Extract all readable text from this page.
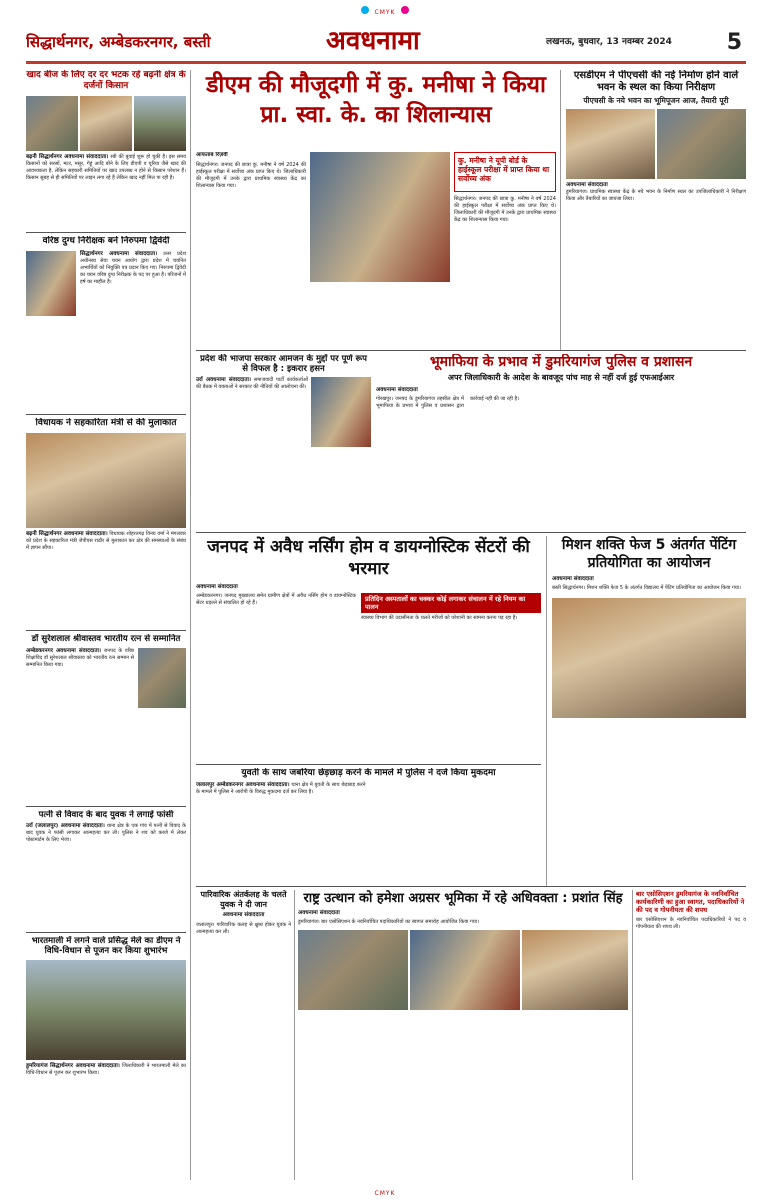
CMYK
सिद्धार्थनगर, अम्बेडकरनगर, बस्ती	अवधनामा	लखनऊ, बुधवार, 13 नवम्बर 2024 5
खाद बीज के लिए दर दर भटक रहे बढ़नी क्षेत्र के दर्जनों किसान
बढ़नी सिद्धार्थनगर अवधनामा संवाददाता। रबी की बुवाई शुरू हो चुकी है। इस समय किसानों को सरसों, मटर, मसूर, गेहूं आदि बोने के लिए डीएपी व यूरिया जैसे खाद की आवश्यकता है, लेकिन सहकारी समितियों पर खाद उपलब्ध न होने से किसान परेशान हैं। किसान सुबह से ही समितियों पर लाइन लगा रहे हैं लेकिन खाद नहीं मिल पा रही है।
वरिष्ठ दुग्ध निरीक्षक बने निरुपमा द्विवेदी
सिद्धार्थनगर अवधनामा संवाददाता। उत्तर प्रदेश अधीनस्थ सेवा चयन आयोग द्वारा प्रदेश में चयनित अभ्यर्थियों को नियुक्ति पत्र प्रदान किए गए। निरुपमा द्विवेदी का चयन वरिष्ठ दुग्ध निरीक्षक के पद पर हुआ है। परिजनों में हर्ष का माहौल है।
विधायक ने सहकारिता मंत्री से की मुलाकात
बढ़नी सिद्धार्थनगर अवधनामा संवाददाता। विधायक शोहरतगढ़ विनय वर्मा ने मंगलवार को प्रदेश के सहकारिता मंत्री जेपीएस राठौर से मुलाकात कर क्षेत्र की समस्याओं के संबंध में ज्ञापन सौंपा।
डॉ सुरेशलाल श्रीवास्तव भारतीय रत्न से सम्मानित
अम्बेडकरनगर अवधनामा संवाददाता। जनपद के वरिष्ठ शिक्षाविद डॉ सुरेशलाल श्रीवास्तव को भारतीय रत्न सम्मान से सम्मानित किया गया।
पत्नी से विवाद के बाद युवक ने लगाई फांसी
उर्रा (जलालपुर) अवधनामा संवाददाता। थाना क्षेत्र के एक गांव में पत्नी से विवाद के बाद युवक ने फांसी लगाकर आत्महत्या कर ली। पुलिस ने शव को कब्जे में लेकर पोस्टमार्टम के लिए भेजा।
भारतमाली में लगने वाले प्रसिद्ध मेले का डीएम ने विधि-विधान से पूजन कर किया शुभारंभ
डुमरियागंज सिद्धार्थनगर अवधनामा संवाददाता। जिलाधिकारी ने भारतमाली मेले का विधि-विधान से पूजन कर शुभारंभ किया।
डीएम की मौजूदगी में कु. मनीषा ने किया प्रा. स्वा. के. का शिलान्यास
आफताब रिज़वी
सिद्धार्थनगर। जनपद की छात्रा कु. मनीषा ने वर्ष 2024 की हाईस्कूल परीक्षा में सर्वोच्च अंक प्राप्त किए थे। जिलाधिकारी की मौजूदगी में उनके द्वारा प्राथमिक स्वास्थ्य केंद्र का शिलान्यास किया गया।
कु. मनीषा ने यूपी बोर्ड के हाईस्कूल परीक्षा में प्राप्त किया था सर्वोच्च अंक
सिद्धार्थनगर। जनपद की छात्रा कु. मनीषा ने वर्ष 2024 की हाईस्कूल परीक्षा में सर्वोच्च अंक प्राप्त किए थे। जिलाधिकारी की मौजूदगी में उनके द्वारा प्राथमिक स्वास्थ्य केंद्र का शिलान्यास किया गया।
एसडीएम ने पीएचसी की नई निर्माण होने वाले भवन के स्थल का किया निरीक्षण
पीएचसी के नये भवन का भूमिपूजन आज, तैयारी पूरी
अवधनामा संवाददाता
डुमरियागंज। प्राथमिक स्वास्थ्य केंद्र के नये भवन के निर्माण स्थल का उपजिलाधिकारी ने निरीक्षण किया और तैयारियों का जायजा लिया।
प्रदेश की भाजपा सरकार आमजन के मुद्दों पर पूर्ण रूप से विफल है : इकरार हसन
उर्रा अवधनामा संवाददाता। समाजवादी पार्टी कार्यकर्ताओं की बैठक में वक्ताओं ने सरकार की नीतियों की आलोचना की।
भूमाफिया के प्रभाव में डुमरियागंज पुलिस व प्रशासन
अपर जिलाधिकारी के आदेश के बावजूद पांच माह से नहीं दर्ज हुई एफआईआर
अवधनामा संवाददाता
गोरखपुर। जनपद के डुमरियागंज तहसील क्षेत्र में भूमाफिया के प्रभाव में पुलिस व प्रशासन द्वारा कार्रवाई नहीं की जा रही है।
जनपद में अवैध नर्सिंग होम व डायग्नोस्टिक सेंटरों की भरमार
अवधनामा संवाददाता
अम्बेडकरनगर। जनपद मुख्यालय समेत ग्रामीण क्षेत्रों में अवैध नर्सिंग होम व डायग्नोस्टिक सेंटर धड़ल्ले से संचालित हो रहे हैं।	प्रतिदिन अस्पतालों का चक्कर कोई लगाकर संचालन में रहे नियम का पालन
स्वास्थ्य विभाग की उदासीनता के चलते मरीजों को परेशानी का सामना करना पड़ रहा है।
मिशन शक्ति फेज 5 अंतर्गत पेंटिंग प्रतियोगिता का आयोजन
अवधनामा संवाददाता
बस्ती सिद्धार्थनगर। मिशन शक्ति फेज 5 के अंतर्गत विद्यालय में पेंटिंग प्रतियोगिता का आयोजन किया गया।
युवती के साथ जबरिया छेड़छाड़ करने के मामले में पुलिस ने दर्ज किया मुकदमा
जलालपुर अम्बेडकरनगर अवधनामा संवाददाता। थाना क्षेत्र में युवती के साथ छेड़छाड़ करने के मामले में पुलिस ने आरोपी के विरुद्ध मुकदमा दर्ज कर लिया है।
पारिवारिक अंतर्कलह के चलते युवक ने दी जान
अवधनामा संवाददाता
जलालपुर। पारिवारिक कलह से क्षुब्ध होकर युवक ने आत्महत्या कर ली।
राष्ट्र उत्थान को हमेशा अग्रसर भूमिका में रहे अधिवक्ता : प्रशांत सिंह
अवधनामा संवाददाता
डुमरियागंज। बार एसोसिएशन के नवनिर्वाचित पदाधिकारियों का स्वागत समारोह आयोजित किया गया।
बार एसोसिएशन डुमरियागंज के नवनिर्वाचित कार्यकारिणी का हुआ स्वागत, पदाधिकारियों ने की पद व गोपनीयता की शपथ
बार एसोसिएशन के नवनिर्वाचित पदाधिकारियों ने पद व गोपनीयता की शपथ ली।
CMYK
